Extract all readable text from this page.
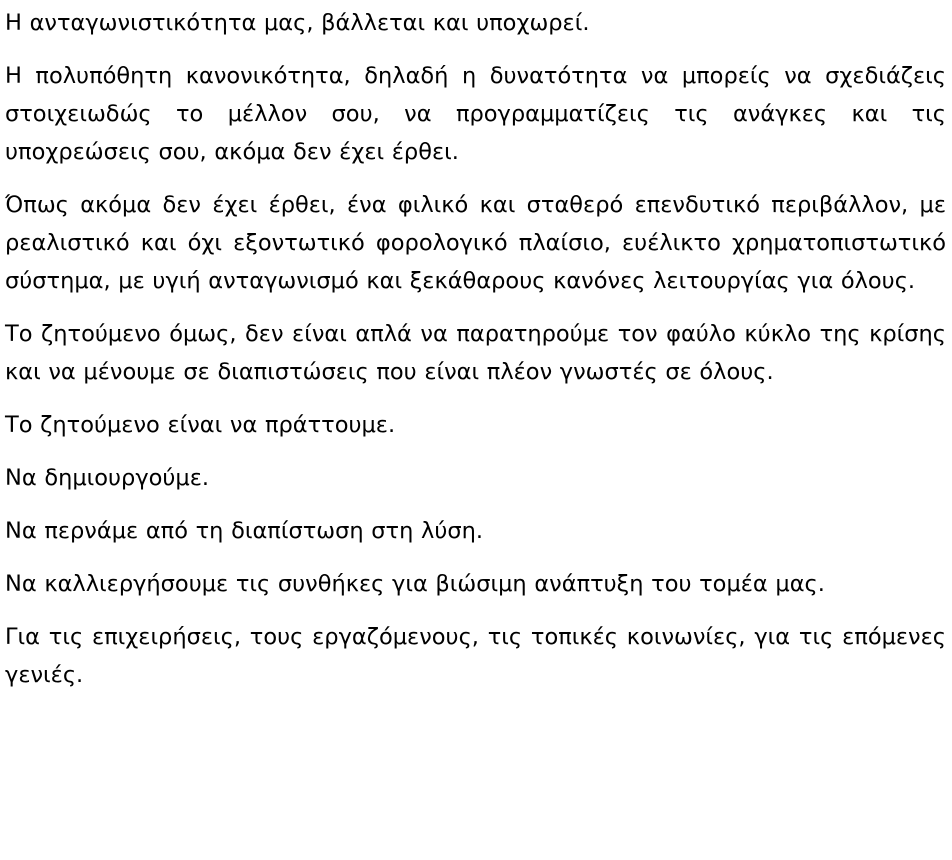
Η ανταγωνιστικότητα μας, βάλλεται και υποχωρεί.

Η πολυπόθητη κανονικότητα, δηλαδή η δυνατότητα να μπορείς να σχεδιάζεις στοιχειωδώς το μέλλον σου, να προγραμματίζεις τις ανάγκες και τις υποχρεώσεις σου, ακόμα δεν έχει έρθει.

Όπως ακόμα δεν έχει έρθει, ένα φιλικό και σταθερό επενδυτικό περιβάλλον, με ρεαλιστικό και όχι εξοντωτικό φορολογικό πλαίσιο, ευέλικτο χρηματοπιστωτικό σύστημα, με υγιή ανταγωνισμό και ξεκάθαρους κανόνες λειτουργίας για όλους.

Το ζητούμενο όμως, δεν είναι απλά να παρατηρούμε τον φαύλο κύκλο της κρίσης και να μένουμε σε διαπιστώσεις που είναι πλέον γνωστές σε όλους.

Το ζητούμενο είναι να πράττουμε.

Να δημιουργούμε.

Να περνάμε από τη διαπίστωση στη λύση.

Να καλλιεργήσουμε τις συνθήκες για βιώσιμη ανάπτυξη του τομέα μας.

Για τις επιχειρήσεις, τους εργαζόμενους, τις τοπικές κοινωνίες, για τις επόμενες γενιές.
